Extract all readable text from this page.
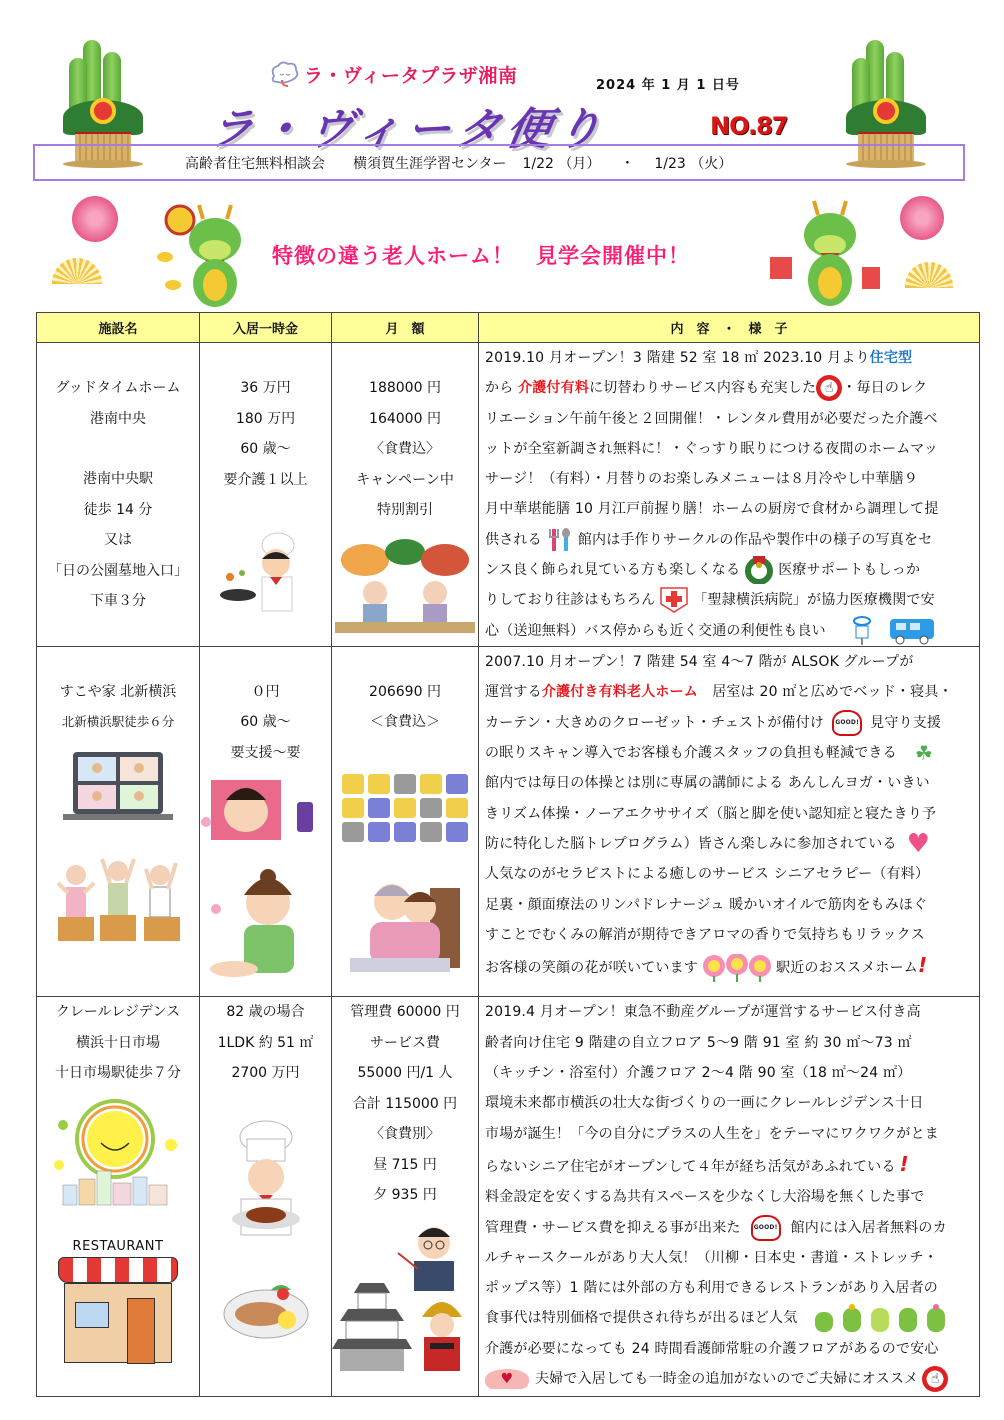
ラ・ヴィータプラザ湘南	2024 年 1 月 1 日号
ラ・ヴィータ便り	NO.87
高齢者住宅無料相談会 横須賀生涯学習センター 1/22 （月） ・ 1/23 （火）
特徴の違う老人ホーム！　見学会開催中！
施設名	入居一時金	月　額	内　容　・　様　子

グッドタイムホーム
港南中央
港南中央駅
徒歩 14 分
又は
「日の公園墓地入口」
下車３分

36 万円
180 万円
60 歳～
要介護１以上

188000 円
164000 円
〈食費込〉
キャンペーン中
特別割引

2019.10 月オープン！3 階建 52 室 18 ㎡ 2023.10 月より住宅型
から 介護付有料に切替わりサービス内容も充実した ☝ ・毎日のレク
リエーション午前午後と２回開催！・レンタル費用が必要だった介護ベ
ットが全室新調され無料に！・ぐっすり眠りにつける夜間のホームマッ
サージ！（有料）・月替りのお楽しみメニューは８月冷やし中華膳９
月中華堪能膳 10 月江戸前握り膳！ホームの厨房で食材から調理して提
供される	館内は手作りサークルの作品や製作中の様子の写真をセ
ンス良く飾られ見ている方も楽しくなる	医療サポートもしっか
りしており往診はもちろん	「聖隷横浜病院」が協力医療機関で安
心（送迎無料）バス停からも近く交通の利便性も良い

すこや家 北新横浜
北新横浜駅徒歩６分

０円
60 歳～
要支援～要

206690 円
＜食費込＞

2007.10 月オープン！7 階建 54 室 4～7 階が ALSOK グループが
運営する介護付き有料老人ホーム　居室は 20 ㎡と広めでベッド・寝具・
カーテン・大きめのクローゼット・チェストが備付け GOOD! 見守り支援
の眠りスキャン導入でお客様も介護スタッフの負担も軽減できる ☘
館内では毎日の体操とは別に専属の講師による あんしんヨガ・いきい
きリズム体操・ノーアエクササイズ（脳と脚を使い認知症と寝たきり予
防に特化した脳トレプログラム）皆さん楽しみに参加されている ♥
人気なのがセラピストによる癒しのサービス シニアセラピー（有料）
足裏・顔面療法のリンパドレナージュ 暖かいオイルで筋肉をもみほぐ
すことでむくみの解消が期待できアロマの香りで気持ちもリラックス
お客様の笑顔の花が咲いています	駅近のおススメホーム!

クレールレジデンス
横浜十日市場
十日市場駅徒歩７分
RESTAURANT

82 歳の場合
1LDK 約 51 ㎡
2700 万円

管理費 60000 円
サービス費
55000 円/1 人
合計 115000 円
〈食費別〉
昼 715 円
夕 935 円

2019.4 月オープン！東急不動産グループが運営するサービス付き高
齢者向け住宅 9 階建の自立フロア 5～9 階 91 室 約 30 ㎡～73 ㎡
（キッチン・浴室付）介護フロア 2～4 階 90 室（18 ㎡～24 ㎡）
環境未来都市横浜の壮大な街づくりの一画にクレールレジデンス十日
市場が誕生！「今の自分にプラスの人生を」をテーマにワクワクがとま
らないシニア住宅がオープンして４年が経ち活気があふれている !
料金設定を安くする為共有スペースを少なくし大浴場を無くした事で
管理費・サービス費を抑える事が出来た GOOD! 館内には入居者無料のカ
ルチャースクールがあり大人気！（川柳・日本史・書道・ストレッチ・
ポップス等）1 階には外部の方も利用できるレストランがあり入居者の
食事代は特別価格で提供され待ちが出るほど人気
介護が必要になっても 24 時間看護師常駐の介護フロアがあるので安心
♥ 夫婦で入居しても一時金の追加がないのでご夫婦にオススメ ☝
